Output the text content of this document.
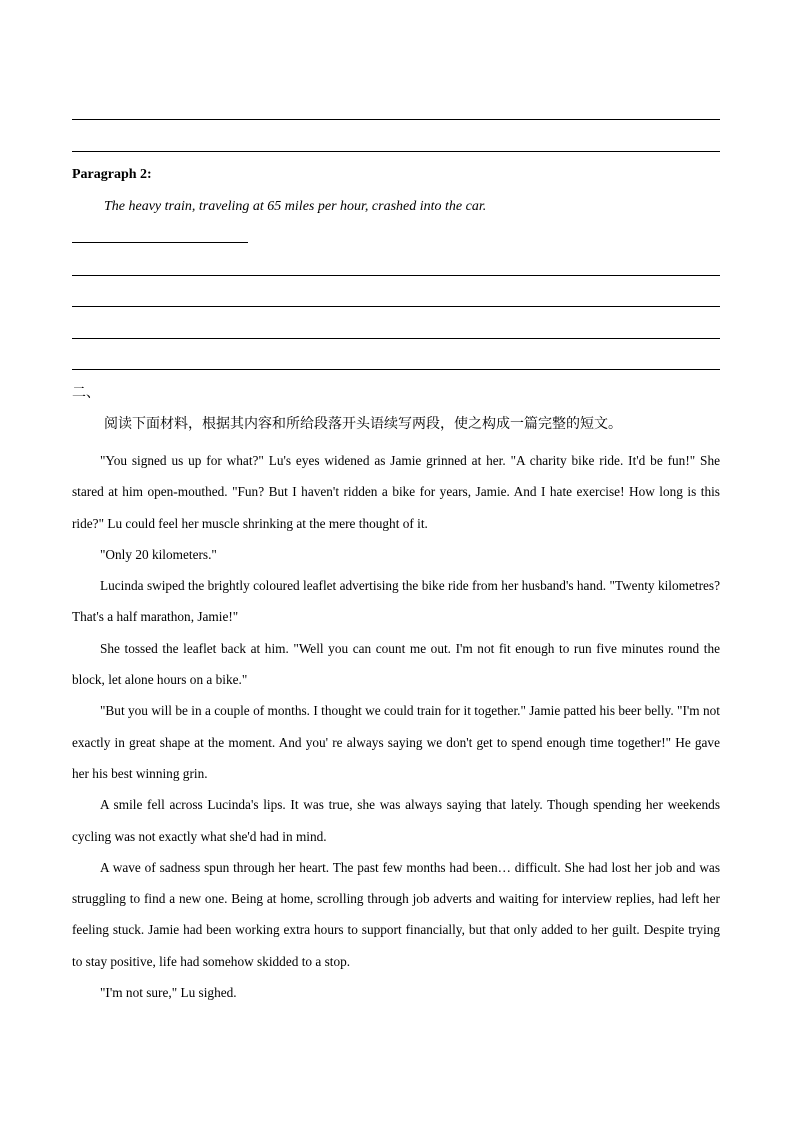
Paragraph 2:

The heavy train, traveling at 65 miles per hour, crashed into the car.

二、

阅读下面材料，根据其内容和所给段落开头语续写两段，使之构成一篇完整的短文。

"You signed us up for what?" Lu's eyes widened as Jamie grinned at her. "A charity bike ride. It'd be fun!" She stared at him open-mouthed. "Fun? But I haven't ridden a bike for years, Jamie. And I hate exercise! How long is this ride?" Lu could feel her muscle shrinking at the mere thought of it.

"Only 20 kilometers."

Lucinda swiped the brightly coloured leaflet advertising the bike ride from her husband's hand. "Twenty kilometres? That's a half marathon, Jamie!"

She tossed the leaflet back at him. "Well you can count me out. I'm not fit enough to run five minutes round the block, let alone hours on a bike."

"But you will be in a couple of months. I thought we could train for it together." Jamie patted his beer belly. "I'm not exactly in great shape at the moment. And you' re always saying we don't get to spend enough time together!" He gave her his best winning grin.

A smile fell across Lucinda's lips. It was true, she was always saying that lately. Though spending her weekends cycling was not exactly what she'd had in mind.

A wave of sadness spun through her heart. The past few months had been… difficult. She had lost her job and was struggling to find a new one. Being at home, scrolling through job adverts and waiting for interview replies, had left her feeling stuck. Jamie had been working extra hours to support financially, but that only added to her guilt. Despite trying to stay positive, life had somehow skidded to a stop.

"I'm not sure," Lu sighed.
